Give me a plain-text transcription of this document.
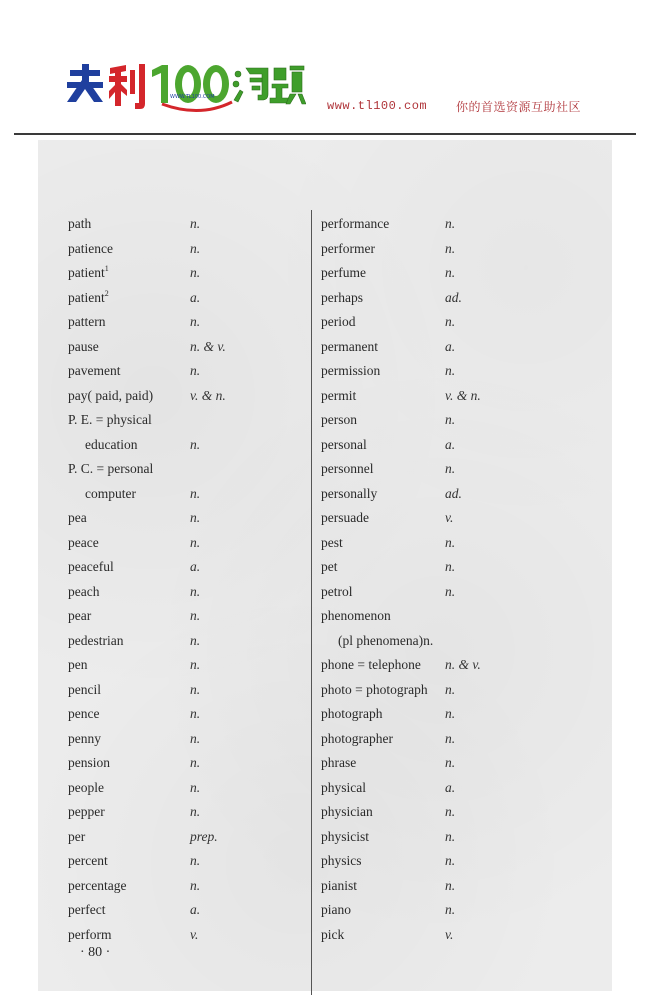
WWW.TL100.COM
www.tl100.com 你的首选资源互助社区
path	n.
patience	n.
patient$^1$	n.
patient$^2$	a.
pattern	n.
pause	n. & v.
pavement	n.
pay( paid, paid)	v. & n.
P. E. = physical
education	n.
P. C. = personal
computer	n.
pea	n.
peace	n.
peaceful	a.
peach	n.
pear	n.
pedestrian	n.
pen	n.
pencil	n.
pence	n.
penny	n.
pension	n.
people	n.
pepper	n.
per	prep.
percent	n.
percentage	n.
perfect	a.
perform	v.
performance	n.
performer	n.
perfume	n.
perhaps	ad.
period	n.
permanent	a.
permission	n.
permit	v. & n.
person	n.
personal	a.
personnel	n.
personally	ad.
persuade	v.
pest	n.
pet	n.
petrol	n.
phenomenon
(pl phenomena)n.
phone = telephone n. & v.
photo = photograph n.
photograph	n.
photographer	n.
phrase	n.
physical	a.
physician	n.
physicist	n.
physics	n.
pianist	n.
piano	n.
pick	v.
· 80 ·
